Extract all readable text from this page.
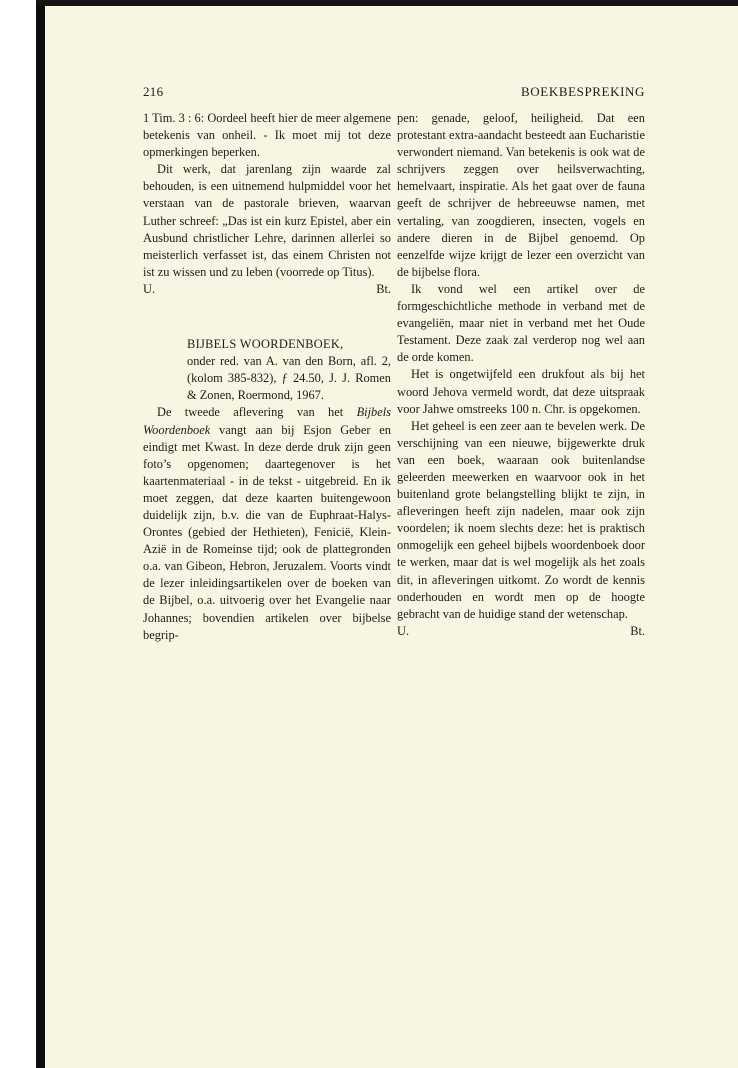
216	BOEKBESPREKING

1 Tim. 3 : 6: Oordeel heeft hier de meer algemene betekenis van onheil. - Ik moet mij tot deze opmerkingen beperken.

Dit werk, dat jarenlang zijn waarde zal behouden, is een uitnemend hulpmiddel voor het verstaan van de pastorale brieven, waarvan Luther schreef: „Das ist ein kurz Epistel, aber ein Ausbund christlicher Lehre, darinnen allerlei so meisterlich verfasset ist, das einem Christen not ist zu wissen und zu leben (voorrede op Titus).

U.	Bt.

BIJBELS WOORDENBOEK,

onder red. van A. van den Born, afl. 2, (kolom 385-832), ƒ 24.50, J. J. Romen & Zonen, Roermond, 1967.

De tweede aflevering van het Bijbels Woordenboek vangt aan bij Esjon Geber en eindigt met Kwast. In deze derde druk zijn geen foto’s opgenomen; daartegenover is het kaartenmateriaal - in de tekst - uitgebreid. En ik moet zeggen, dat deze kaarten buitengewoon duidelijk zijn, b.v. die van de Euphraat-Halys-Orontes (gebied der Hethieten), Fenicië, Klein-Azië in de Romeinse tijd; ook de plattegronden o.a. van Gibeon, Hebron, Jeruzalem. Voorts vindt de lezer inleidingsartikelen over de boeken van de Bijbel, o.a. uitvoerig over het Evangelie naar Johannes; bovendien artikelen over bijbelse begrip-

pen: genade, geloof, heiligheid. Dat een protestant extra-aandacht besteedt aan Eucharistie verwondert niemand. Van betekenis is ook wat de schrijvers zeggen over heilsverwachting, hemelvaart, inspiratie. Als het gaat over de fauna geeft de schrijver de hebreeuwse namen, met vertaling, van zoogdieren, insecten, vogels en andere dieren in de Bijbel genoemd. Op eenzelfde wijze krijgt de lezer een overzicht van de bijbelse flora.

Ik vond wel een artikel over de formgeschichtliche methode in verband met de evangeliën, maar niet in verband met het Oude Testament. Deze zaak zal verderop nog wel aan de orde komen.

Het is ongetwijfeld een drukfout als bij het woord Jehova vermeld wordt, dat deze uitspraak voor Jahwe omstreeks 100 n. Chr. is opgekomen.

Het geheel is een zeer aan te bevelen werk. De verschijning van een nieuwe, bijgewerkte druk van een boek, waaraan ook buitenlandse geleerden meewerken en waarvoor ook in het buitenland grote belangstelling blijkt te zijn, in afleveringen heeft zijn nadelen, maar ook zijn voordelen; ik noem slechts deze: het is praktisch onmogelijk een geheel bijbels woordenboek door te werken, maar dat is wel mogelijk als het zoals dit, in afleveringen uitkomt. Zo wordt de kennis onderhouden en wordt men op de hoogte gebracht van de huidige stand der wetenschap.

U.	Bt.
